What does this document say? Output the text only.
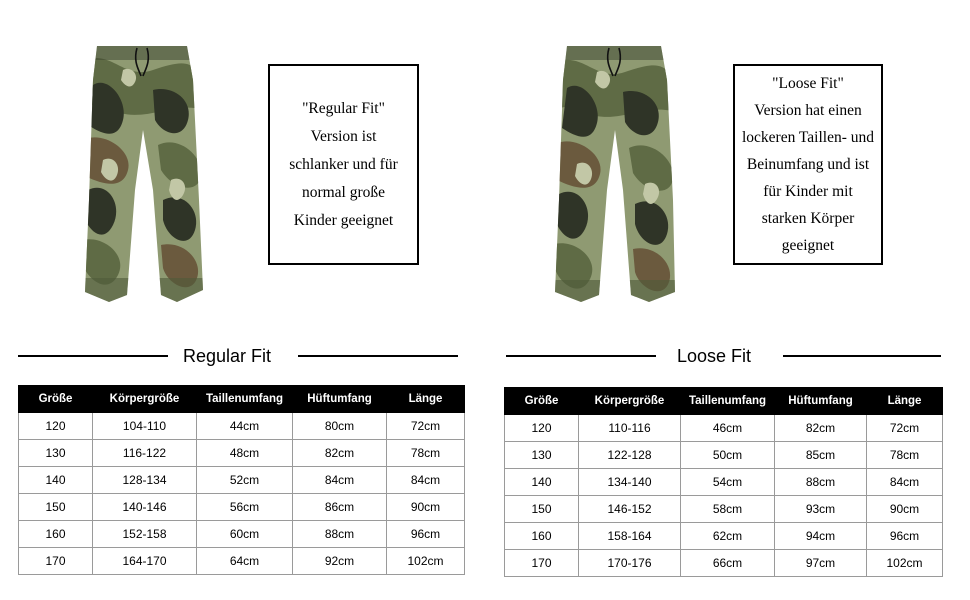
"Regular Fit"
Version ist
schlanker und für
normal große
Kinder geeignet
Regular Fit
Größe	Körpergröße	Taillenumfang	Hüftumfang	Länge
120	104-110	44cm	80cm	72cm
130	116-122	48cm	82cm	78cm
140	128-134	52cm	84cm	84cm
150	140-146	56cm	86cm	90cm
160	152-158	60cm	88cm	96cm
170	164-170	64cm	92cm	102cm
"Loose Fit"
Version hat einen
lockeren Taillen- und
Beinumfang und ist
für Kinder mit
starken Körper
geeignet
Loose Fit
Größe	Körpergröße	Taillenumfang	Hüftumfang	Länge
120	110-116	46cm	82cm	72cm
130	122-128	50cm	85cm	78cm
140	134-140	54cm	88cm	84cm
150	146-152	58cm	93cm	90cm
160	158-164	62cm	94cm	96cm
170	170-176	66cm	97cm	102cm
